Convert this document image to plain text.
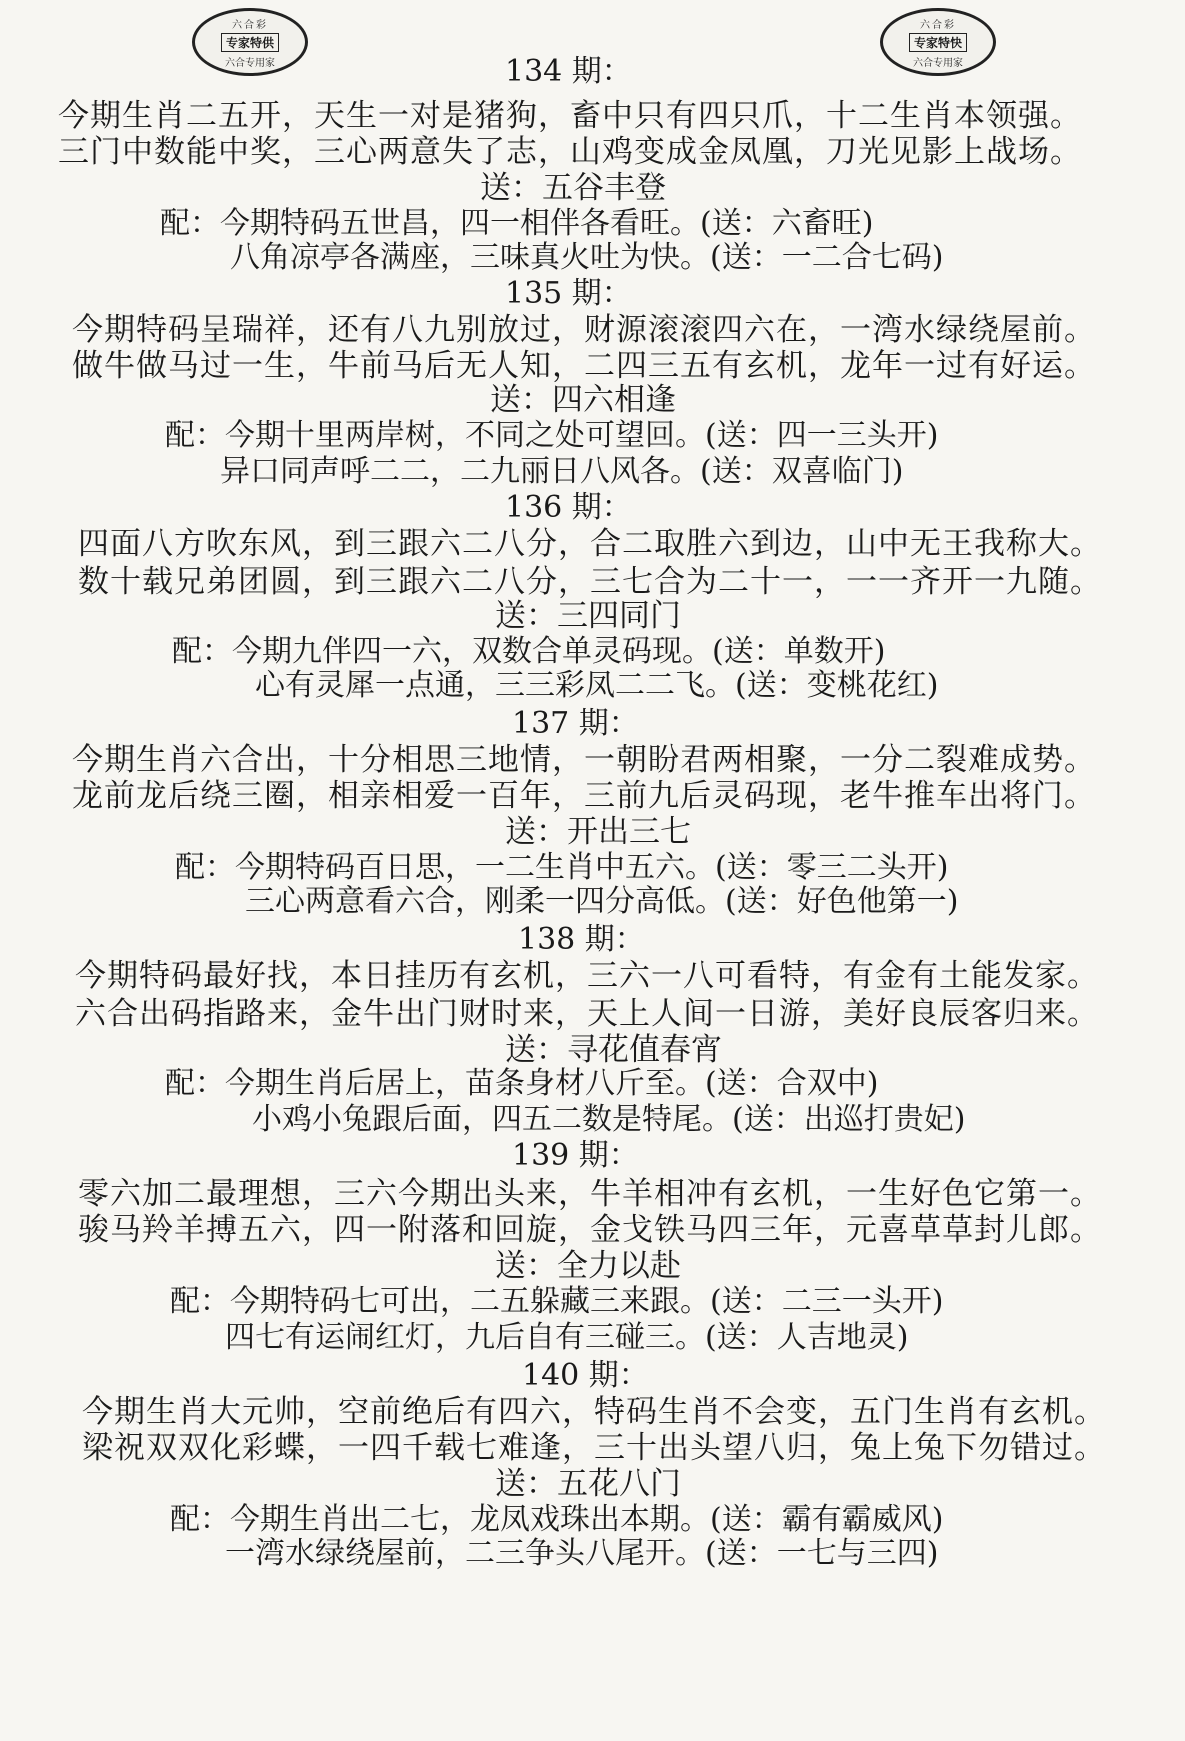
六合彩
专家特供
六合专用家
六合彩
专家特快
六合专用家
134 期：
今期生肖二五开，天生一对是猪狗，畜中只有四只爪，十二生肖本领强。
三门中数能中奖，三心两意失了志，山鸡变成金凤凰，刀光见影上战场。
送：五谷丰登
配：今期特码五世昌，四一相伴各看旺。(送：六畜旺)
八角凉亭各满座，三味真火吐为快。(送：一二合七码)
135 期：
今期特码呈瑞祥，还有八九别放过，财源滚滚四六在，一湾水绿绕屋前。
做牛做马过一生，牛前马后无人知，二四三五有玄机，龙年一过有好运。
送：四六相逢
配：今期十里两岸树，不同之处可望回。(送：四一三头开)
异口同声呼二二，二九丽日八风各。(送：双喜临门)
136 期：
四面八方吹东风，到三跟六二八分，合二取胜六到边，山中无王我称大。
数十载兄弟团圆，到三跟六二八分，三七合为二十一，一一齐开一九随。
送：三四同门
配：今期九伴四一六，双数合单灵码现。(送：单数开)
心有灵犀一点通，三三彩凤二二飞。(送：变桃花红)
137 期：
今期生肖六合出，十分相思三地情，一朝盼君两相聚，一分二裂难成势。
龙前龙后绕三圈，相亲相爱一百年，三前九后灵码现，老牛推车出将门。
送：开出三七
配：今期特码百日思，一二生肖中五六。(送：零三二头开)
三心两意看六合，刚柔一四分高低。(送：好色他第一)
138 期：
今期特码最好找，本日挂历有玄机，三六一八可看特，有金有土能发家。
六合出码指路来，金牛出门财时来，天上人间一日游，美好良辰客归来。
送：寻花值春宵
配：今期生肖后居上，苗条身材八斤至。(送：合双中)
小鸡小兔跟后面，四五二数是特尾。(送：出巡打贵妃)
139 期：
零六加二最理想，三六今期出头来，牛羊相冲有玄机，一生好色它第一。
骏马羚羊搏五六，四一附落和回旋，金戈铁马四三年，元喜草草封儿郎。
送：全力以赴
配：今期特码七可出，二五躲藏三来跟。(送：二三一头开)
四七有运闹红灯，九后自有三碰三。(送：人吉地灵)
140 期：
今期生肖大元帅，空前绝后有四六，特码生肖不会变，五门生肖有玄机。
梁祝双双化彩蝶，一四千载七难逢，三十出头望八归，兔上兔下勿错过。
送：五花八门
配：今期生肖出二七，龙凤戏珠出本期。(送：霸有霸威风)
一湾水绿绕屋前，二三争头八尾开。(送：一七与三四)
